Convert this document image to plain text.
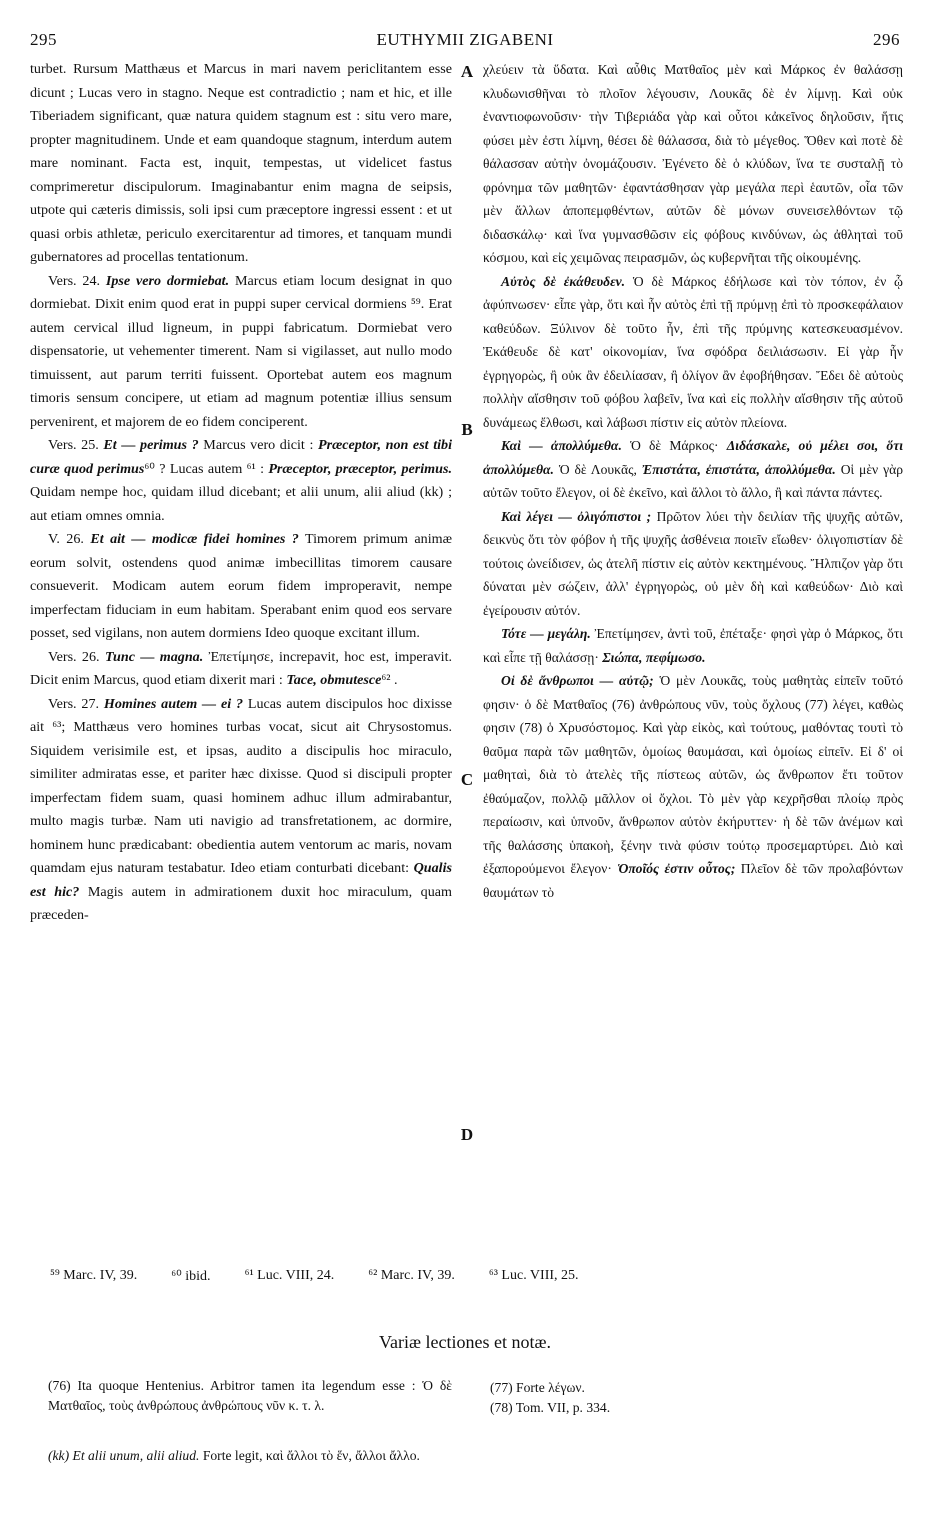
295	EUTHYMII ZIGABENI	296

turbet. Rursum Matthæus et Marcus in mari navem periclitantem esse dicunt ; Lucas vero in stagno. Neque est contradictio ; nam et hic, et ille Tiberiadem significant, quæ natura quidem stagnum est : situ vero mare, propter magnitudinem. Unde et eam quandoque stagnum, interdum autem mare nominant. Facta est, inquit, tempestas, ut videlicet fastus comprimeretur discipulorum. Imaginabantur enim magna de seipsis, utpote qui cæteris dimissis, soli ipsi cum præceptore ingressi essent : et ut quasi orbis athletæ, periculo exercitarentur ad timores, et tanquam mundi gubernatores ad procellas tentationum.

Vers. 24. Ipse vero dormiebat. Marcus etiam locum designat in quo dormiebat. Dixit enim quod erat in puppi super cervical dormiens ⁵⁹. Erat autem cervical illud ligneum, in puppi fabricatum. Dormiebat vero dispensatorie, ut vehementer timerent. Nam si vigilasset, aut nullo modo timuissent, aut parum territi fuissent. Oportebat autem eos magnum timoris sensum concipere, ut etiam ad magnum potentiæ illius sensum pervenirent, et majorem de eo fidem conciperent.

Vers. 25. Et — perimus ? Marcus vero dicit : Præceptor, non est tibi curæ quod perimus⁶⁰ ? Lucas autem ⁶¹ : Præceptor, præceptor, perimus. Quidam nempe hoc, quidam illud dicebant; et alii unum, alii aliud (kk) ; aut etiam omnes omnia.

V. 26. Et ait — modicæ fidei homines ? Timorem primum animæ eorum solvit, ostendens quod animæ imbecillitas timorem causare consueverit. Modicam autem eorum fidem improperavit, nempe imperfectam fiduciam in eum habitam. Sperabant enim quod eos servare posset, sed vigilans, non autem dormiens Ideo quoque excitant illum.

Vers. 26. Tunc — magna. Ἐπετίμησε, increpavit, hoc est, imperavit. Dicit enim Marcus, quod etiam dixerit mari : Tace, obmutesce⁶² .

Vers. 27. Homines autem — ei ? Lucas autem discipulos hoc dixisse ait ⁶³; Matthæus vero homines turbas vocat, sicut ait Chrysostomus. Siquidem verisimile est, et ipsas, audito a discipulis hoc miraculo, similiter admiratas esse, et pariter hæc dixisse. Quod si discipuli propter imperfectam fidem suam, quasi hominem adhuc illum admirabantur, multo magis turbæ. Nam uti navigio ad transfretationem, ac dormire, hominem hunc prædicabant: obedientia autem ventorum ac maris, novam quamdam ejus naturam testabatur. Ideo etiam conturbati dicebant: Qualis est hic? Magis autem in admirationem duxit hoc miraculum, quam præceden-

A
B
C
D

χλεύειν τὰ ὕδατα. Καὶ αὖθις Ματθαῖος μὲν καὶ Μάρκος ἐν θαλάσσῃ κλυδωνισθῆναι τὸ πλοῖον λέγουσιν, Λουκᾶς δὲ ἐν λίμνῃ. Καὶ οὐκ ἐναντιοφωνοῦσιν· τὴν Τιβεριάδα γὰρ καὶ οὗτοι κἀκεῖνος δηλοῦσιν, ἥτις φύσει μὲν ἐστι λίμνη, θέσει δὲ θάλασσα, διὰ τὸ μέγεθος. Ὅθεν καὶ ποτὲ δὲ θάλασσαν αὐτὴν ὀνομάζουσιν. Ἐγένετο δὲ ὁ κλύδων, ἵνα τε συσταλῇ τὸ φρόνημα τῶν μαθητῶν· ἐφαντάσθησαν γὰρ μεγάλα περὶ ἑαυτῶν, οἷα τῶν μὲν ἄλλων ἀποπεμφθέντων, αὐτῶν δὲ μόνων συνεισελθόντων τῷ διδασκάλῳ· καὶ ἵνα γυμνασθῶσιν εἰς φόβους κινδύνων, ὡς ἀθληταὶ τοῦ κόσμου, καὶ εἰς χειμῶνας πειρασμῶν, ὡς κυβερνῆται τῆς οἰκουμένης.

Αὐτὸς δὲ ἐκάθευδεν. Ὁ δὲ Μάρκος ἐδήλωσε καὶ τὸν τόπον, ἐν ᾧ ἀφύπνωσεν· εἶπε γὰρ, ὅτι καὶ ἦν αὐτὸς ἐπὶ τῇ πρύμνῃ ἐπὶ τὸ προσκεφάλαιον καθεύδων. Ξύλινον δὲ τοῦτο ἦν, ἐπὶ τῆς πρύμνης κατεσκευασμένον. Ἐκάθευδε δὲ κατ' οἰκονομίαν, ἵνα σφόδρα δειλιάσωσιν. Εἰ γὰρ ἦν ἐγρηγορὼς, ἢ οὐκ ἂν ἐδειλίασαν, ἢ ὀλίγον ἂν ἐφοβήθησαν. Ἔδει δὲ αὐτοὺς πολλὴν αἴσθησιν τοῦ φόβου λαβεῖν, ἵνα καὶ εἰς πολλὴν αἴσθησιν τῆς αὐτοῦ δυνάμεως ἔλθωσι, καὶ λάβωσι πίστιν εἰς αὐτὸν πλείονα.

Καὶ — ἀπολλύμεθα. Ὁ δὲ Μάρκος· Διδάσκαλε, οὐ μέλει σοι, ὅτι ἀπολλύμεθα. Ὁ δὲ Λουκᾶς, Ἐπιστάτα, ἐπιστάτα, ἀπολλύμεθα. Οἱ μὲν γὰρ αὐτῶν τοῦτο ἔλεγον, οἱ δὲ ἐκεῖνο, καὶ ἄλλοι τὸ ἄλλο, ἢ καὶ πάντα πάντες.

Καὶ λέγει — ὀλιγόπιστοι ; Πρῶτον λύει τὴν δειλίαν τῆς ψυχῆς αὐτῶν, δεικνὺς ὅτι τὸν φόβον ἡ τῆς ψυχῆς ἀσθένεια ποιεῖν εἴωθεν· ὀλιγοπιστίαν δὲ τούτοις ὠνείδισεν, ὡς ἀτελῆ πίστιν εἰς αὐτὸν κεκτημένους. Ἤλπιζον γὰρ ὅτι δύναται μὲν σώζειν, ἀλλ' ἐγρηγορὼς, οὐ μὲν δὴ καὶ καθεύδων· Διὸ καὶ ἐγείρουσιν αὐτόν.

Τότε — μεγάλη. Ἐπετίμησεν, ἀντὶ τοῦ, ἐπέταξε· φησὶ γὰρ ὁ Μάρκος, ὅτι καὶ εἶπε τῇ θαλάσσῃ· Σιώπα, πεφίμωσο.

Οἱ δὲ ἄνθρωποι — αὐτῷ; Ὁ μὲν Λουκᾶς, τοὺς μαθητὰς εἰπεῖν τοῦτό φησιν· ὁ δὲ Ματθαῖος (76) ἀνθρώπους νῦν, τοὺς ὄχλους (77) λέγει, καθὼς φησιν (78) ὁ Χρυσόστομος. Καὶ γὰρ εἰκὸς, καὶ τούτους, μαθόντας τουτὶ τὸ θαῦμα παρὰ τῶν μαθητῶν, ὁμοίως θαυμάσαι, καὶ ὁμοίως εἰπεῖν. Εἰ δ' οἱ μαθηταὶ, διὰ τὸ ἀτελὲς τῆς πίστεως αὐτῶν, ὡς ἄνθρωπον ἔτι τοῦτον ἐθαύμαζον, πολλῷ μᾶλλον οἱ ὄχλοι. Τὸ μὲν γὰρ κεχρῆσθαι πλοίῳ πρὸς περαίωσιν, καὶ ὑπνοῦν, ἄνθρωπον αὐτὸν ἐκήρυττεν· ἡ δὲ τῶν ἀνέμων καὶ τῆς θαλάσσης ὑπακοὴ, ξένην τινὰ φύσιν τούτῳ προσεμαρτύρει. Διὸ καὶ ἐξαπορούμενοι ἔλεγον· Ὁποῖός ἐστιν οὗτος; Πλεῖον δὲ τῶν προλαβόντων θαυμάτων τὸ

⁵⁹ Marc. IV, 39. ⁶⁰ ibid. ⁶¹ Luc. VIII, 24. ⁶² Marc. IV, 39. ⁶³ Luc. VIII, 25.
Variæ lectiones et notæ.
(76) Ita quoque Hentenius. Arbitror tamen ita legendum esse : Ὁ δὲ Ματθαῖος, τοὺς ἀνθρώπους ἀνθρώπους νῦν κ. τ. λ.
(77) Forte λέγων.
(78) Tom. VII, p. 334.
(kk) Et alii unum, alii aliud. Forte legit, καὶ ἄλλοι τὸ ἕν, ἄλλοι ἄλλο.
